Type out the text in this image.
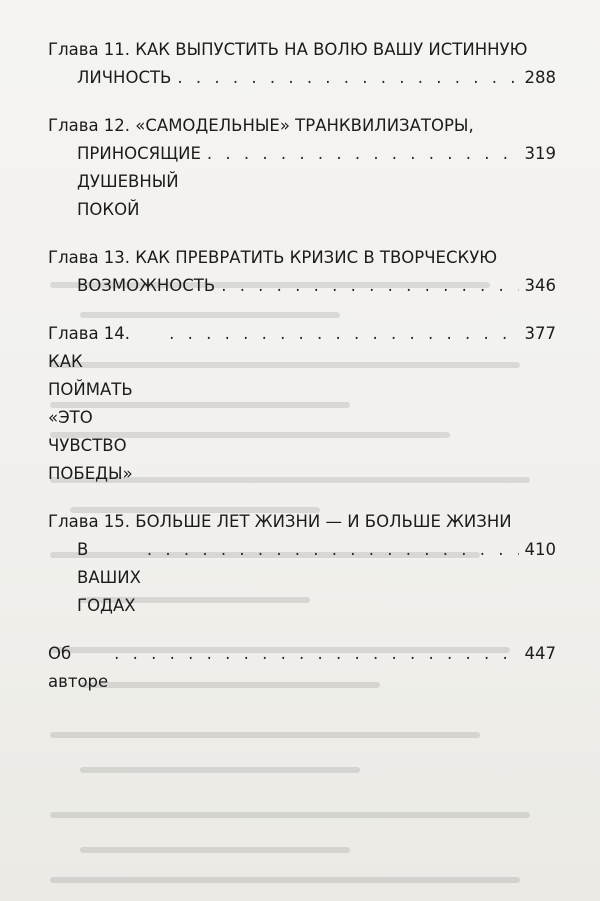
Глава 11. КАК ВЫПУСТИТЬ НА ВОЛЮ ВАШУ ИСТИННУЮ
ЛИЧНОСТЬ . . .	288
Глава 12. «САМОДЕЛЬНЫЕ» ТРАНКВИЛИЗАТОРЫ,
ПРИНОСЯЩИЕ ДУШЕВНЫЙ ПОКОЙ
. . .
319
Глава 13. КАК ПРЕВРАТИТЬ КРИЗИС В ТВОРЧЕСКУЮ
ВОЗМОЖНОСТЬ . . .	346
Глава 14. КАК ПОЙМАТЬ «ЭТО ЧУВСТВО ПОБЕДЫ»
. . .
377
Глава 15. БОЛЬШЕ ЛЕТ ЖИЗНИ — И БОЛЬШЕ ЖИЗНИ
В ВАШИХ ГОДАХ
. . .
410
Об авторе
. . .
447
